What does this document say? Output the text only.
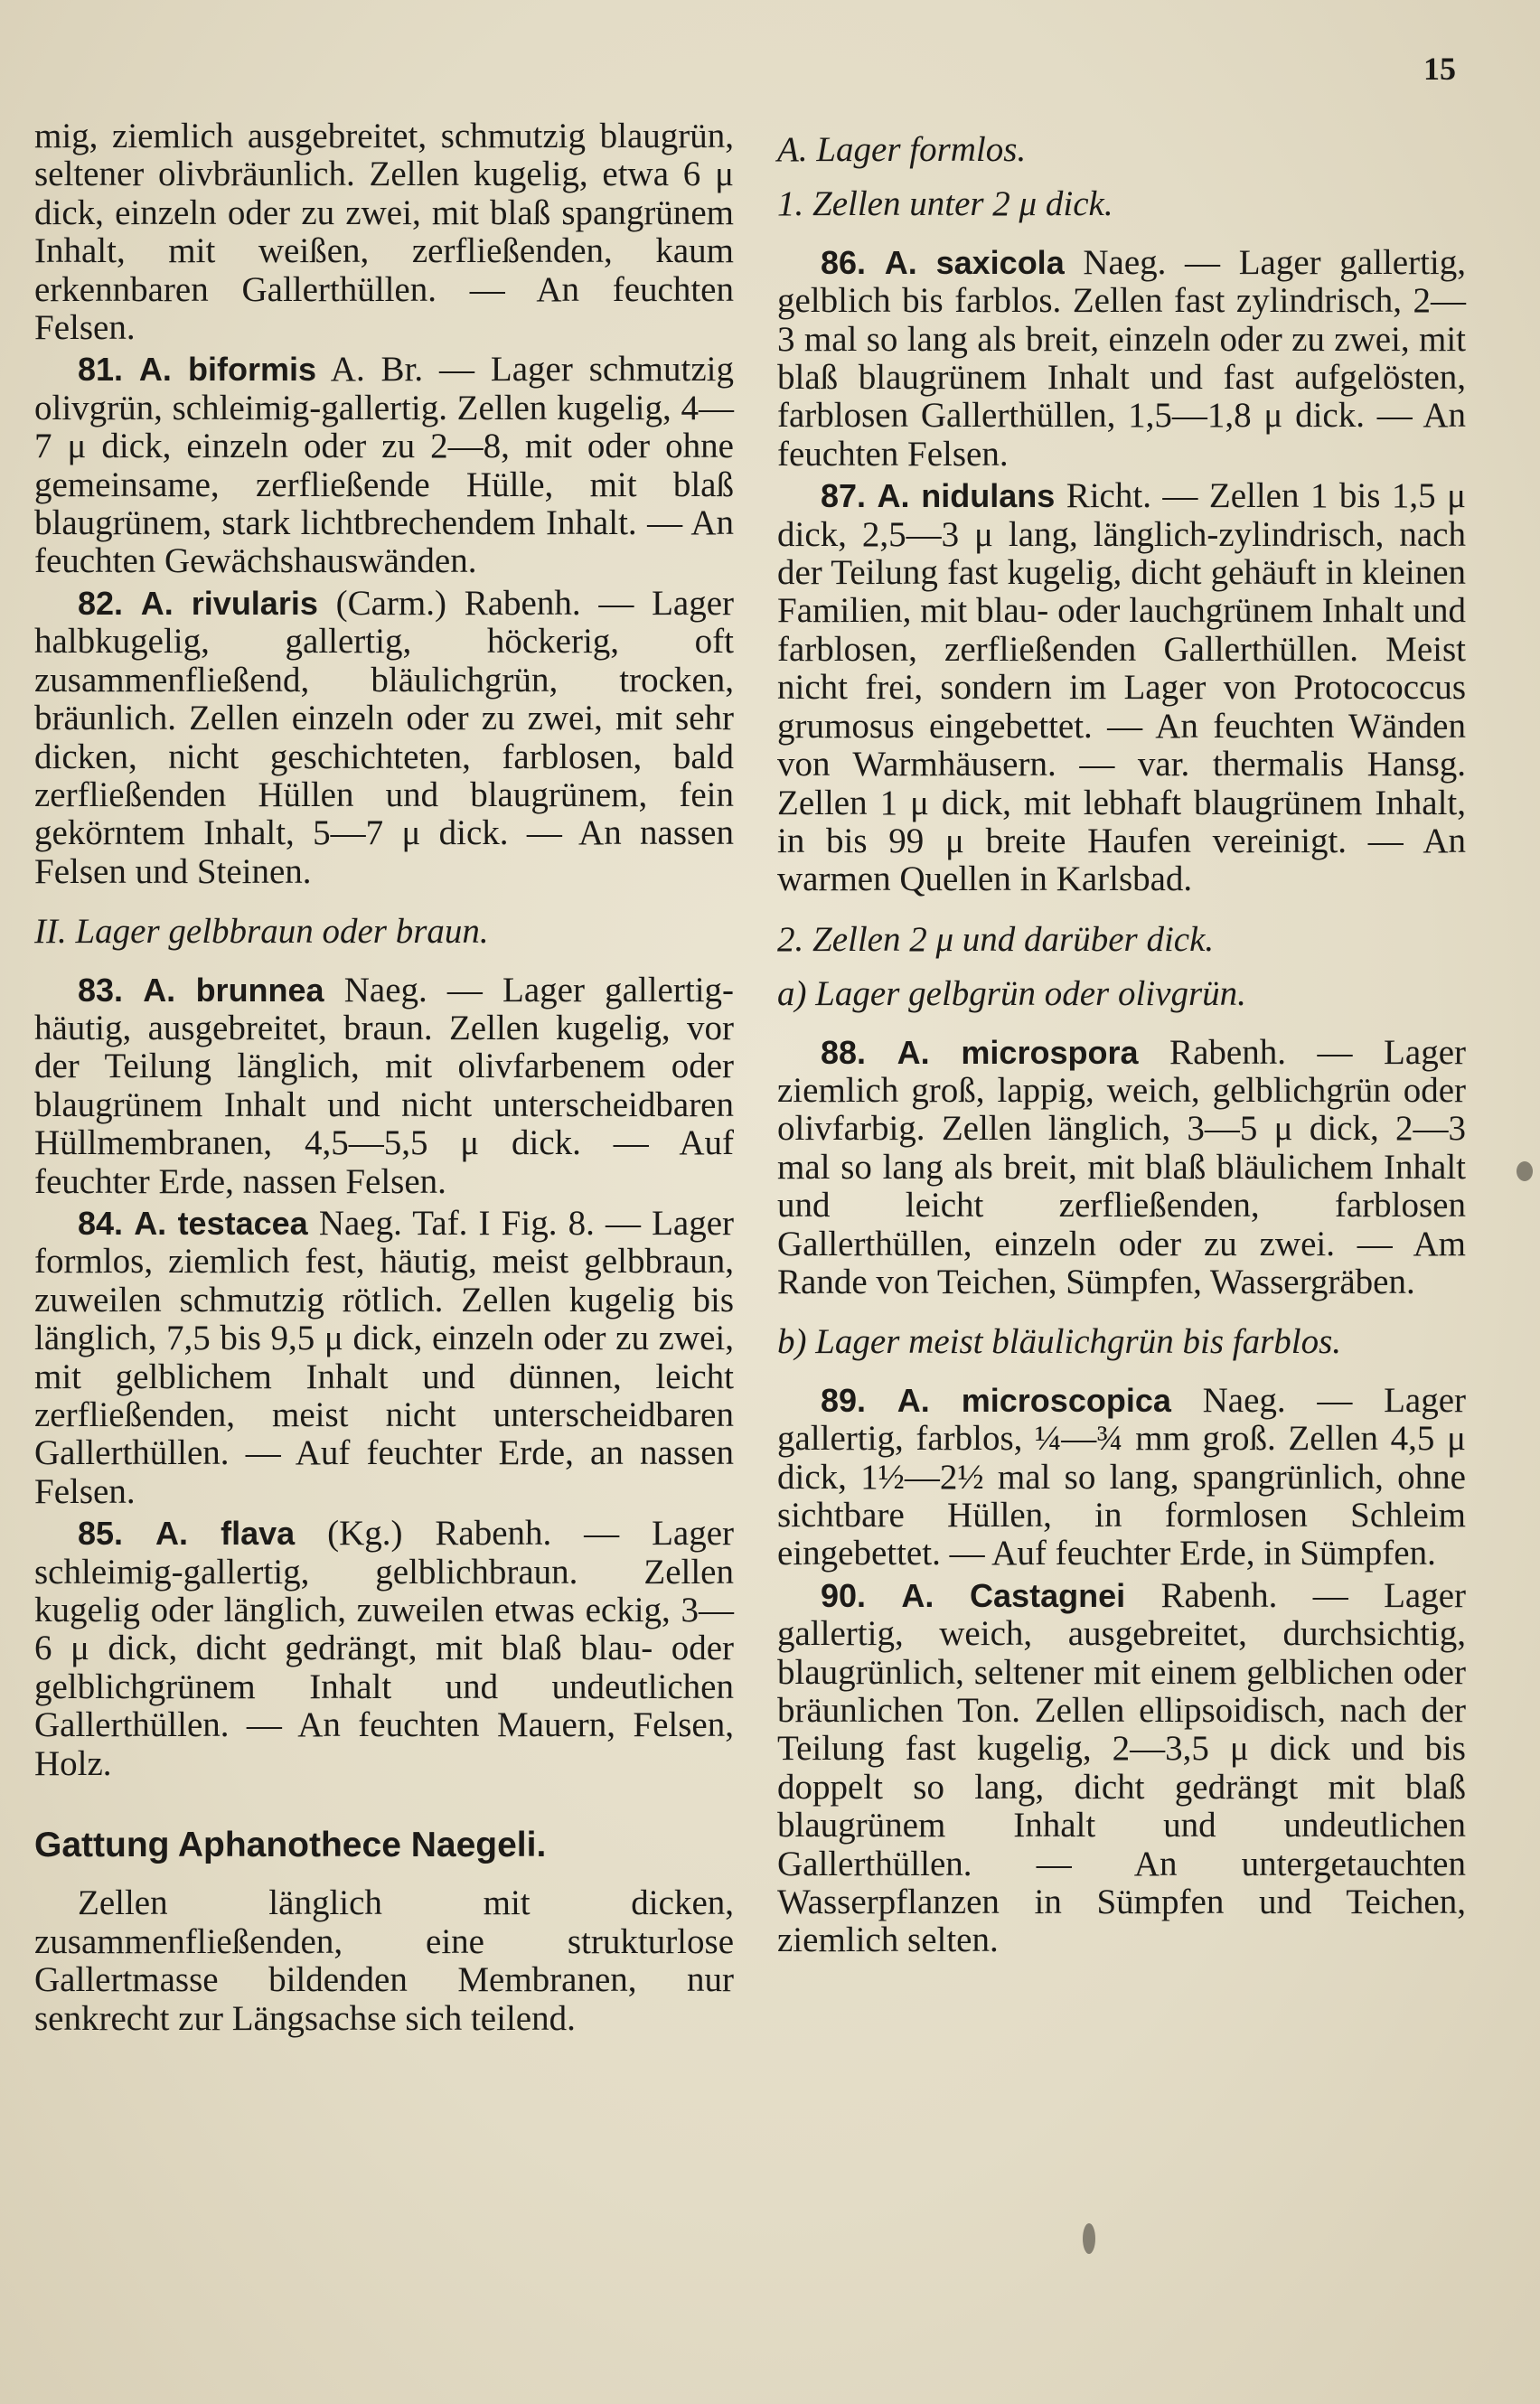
15

mig, ziemlich ausgebreitet, schmutzig blaugrün, seltener olivbräunlich. Zellen kugelig, etwa 6 μ dick, einzeln oder zu zwei, mit blaß spangrünem Inhalt, mit weißen, zerfließenden, kaum erkennbaren Gallerthüllen. — An feuchten Felsen.

81. A. biformis A. Br. — Lager schmutzig olivgrün, schleimig-gallertig. Zellen kugelig, 4—7 μ dick, einzeln oder zu 2—8, mit oder ohne gemeinsame, zerfließende Hülle, mit blaß blaugrünem, stark lichtbrechendem Inhalt. — An feuchten Gewächshauswänden.

82. A. rivularis (Carm.) Rabenh. — Lager halbkugelig, gallertig, höckerig, oft zusammenfließend, bläulichgrün, trocken, bräunlich. Zellen einzeln oder zu zwei, mit sehr dicken, nicht geschichteten, farblosen, bald zerfließenden Hüllen und blaugrünem, fein gekörntem Inhalt, 5—7 μ dick. — An nassen Felsen und Steinen.

II. Lager gelbbraun oder braun.

83. A. brunnea Naeg. — Lager gallertig-häutig, ausgebreitet, braun. Zellen kugelig, vor der Teilung länglich, mit olivfarbenem oder blaugrünem Inhalt und nicht unterscheidbaren Hüllmembranen, 4,5—5,5 μ dick. — Auf feuchter Erde, nassen Felsen.

84. A. testacea Naeg. Taf. I Fig. 8. — Lager formlos, ziemlich fest, häutig, meist gelbbraun, zuweilen schmutzig rötlich. Zellen kugelig bis länglich, 7,5 bis 9,5 μ dick, einzeln oder zu zwei, mit gelblichem Inhalt und dünnen, leicht zerfließenden, meist nicht unterscheidbaren Gallerthüllen. — Auf feuchter Erde, an nassen Felsen.

85. A. flava (Kg.) Rabenh. — Lager schleimig-gallertig, gelblichbraun. Zellen kugelig oder länglich, zuweilen etwas eckig, 3—6 μ dick, dicht gedrängt, mit blaß blau- oder gelblichgrünem Inhalt und undeutlichen Gallerthüllen. — An feuchten Mauern, Felsen, Holz.

Gattung Aphanothece Naegeli.

Zellen länglich mit dicken, zusammenfließenden, eine strukturlose Gallertmasse bildenden Membranen, nur senkrecht zur Längsachse sich teilend.

A. Lager formlos.

1. Zellen unter 2 μ dick.

86. A. saxicola Naeg. — Lager gallertig, gelblich bis farblos. Zellen fast zylindrisch, 2—3 mal so lang als breit, einzeln oder zu zwei, mit blaß blaugrünem Inhalt und fast aufgelösten, farblosen Gallerthüllen, 1,5—1,8 μ dick. — An feuchten Felsen.

87. A. nidulans Richt. — Zellen 1 bis 1,5 μ dick, 2,5—3 μ lang, länglich-zylindrisch, nach der Teilung fast kugelig, dicht gehäuft in kleinen Familien, mit blau- oder lauchgrünem Inhalt und farblosen, zerfließenden Gallerthüllen. Meist nicht frei, sondern im Lager von Protococcus grumosus eingebettet. — An feuchten Wänden von Warmhäusern. — var. thermalis Hansg. Zellen 1 μ dick, mit lebhaft blaugrünem Inhalt, in bis 99 μ breite Haufen vereinigt. — An warmen Quellen in Karlsbad.

2. Zellen 2 μ und darüber dick.

a) Lager gelbgrün oder olivgrün.

88. A. microspora Rabenh. — Lager ziemlich groß, lappig, weich, gelblichgrün oder olivfarbig. Zellen länglich, 3—5 μ dick, 2—3 mal so lang als breit, mit blaß bläulichem Inhalt und leicht zerfließenden, farblosen Gallerthüllen, einzeln oder zu zwei. — Am Rande von Teichen, Sümpfen, Wassergräben.

b) Lager meist bläulichgrün bis farblos.

89. A. microscopica Naeg. — Lager gallertig, farblos, ¼—¾ mm groß. Zellen 4,5 μ dick, 1½—2½ mal so lang, spangrünlich, ohne sichtbare Hüllen, in formlosen Schleim eingebettet. — Auf feuchter Erde, in Sümpfen.

90. A. Castagnei Rabenh. — Lager gallertig, weich, ausgebreitet, durchsichtig, blaugrünlich, seltener mit einem gelblichen oder bräunlichen Ton. Zellen ellipsoidisch, nach der Teilung fast kugelig, 2—3,5 μ dick und bis doppelt so lang, dicht gedrängt mit blaß blaugrünem Inhalt und undeutlichen Gallerthüllen. — An untergetauchten Wasserpflanzen in Sümpfen und Teichen, ziemlich selten.
